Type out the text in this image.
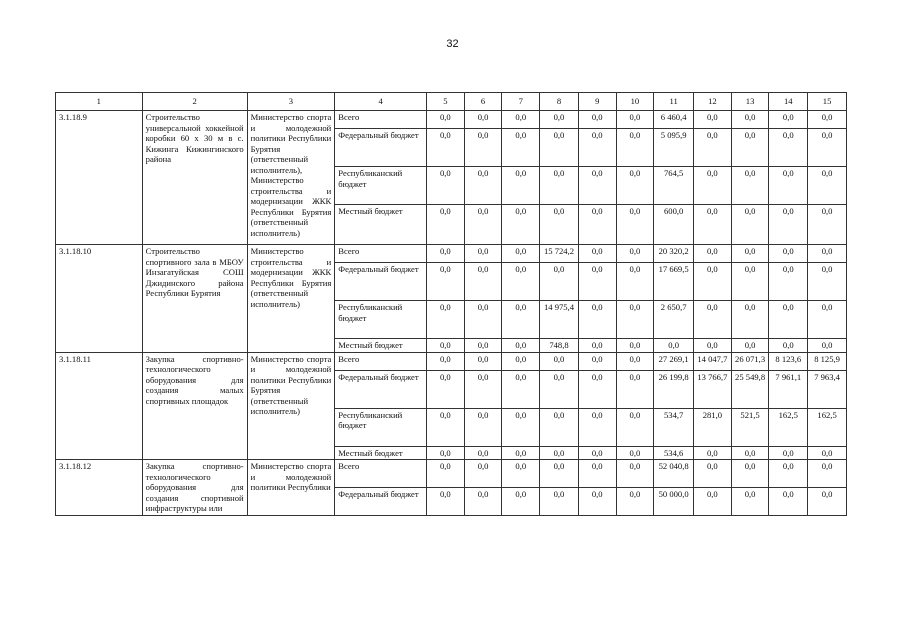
32
1	2	3	4	5	6	7	8	9	10	11	12	13	14	15
3.1.18.9	Строительство универсальной хоккейной коробки 60 х 30 м в с. Кижинга Кижингинского района	Министерство спорта и молодежной политики Республики Бурятия (ответственный исполнитель), Министерство строительства и модернизации ЖКК Республики Бурятия (ответственный исполнитель)	Всего	0,0	0,0	0,0	0,0	0,0	0,0	6 460,4	0,0	0,0	0,0	0,0
			Федеральный бюджет	0,0	0,0	0,0	0,0	0,0	0,0	5 095,9	0,0	0,0	0,0	0,0
			Республиканский бюджет	0,0	0,0	0,0	0,0	0,0	0,0	764,5	0,0	0,0	0,0	0,0
			Местный бюджет	0,0	0,0	0,0	0,0	0,0	0,0	600,0	0,0	0,0	0,0	0,0
3.1.18.10	Строительство спортивного зала в МБОУ Инзагатуйская СОШ Джидинского района Республики Бурятия	Министерство строительства и модернизации ЖКК Республики Бурятия (ответственный исполнитель)	Всего	0,0	0,0	0,0	15 724,2	0,0	0,0	20 320,2	0,0	0,0	0,0	0,0
			Федеральный бюджет	0,0	0,0	0,0	0,0	0,0	0,0	17 669,5	0,0	0,0	0,0	0,0
			Республиканский бюджет	0,0	0,0	0,0	14 975,4	0,0	0,0	2 650,7	0,0	0,0	0,0	0,0
			Местный бюджет	0,0	0,0	0,0	748,8	0,0	0,0	0,0	0,0	0,0	0,0	0,0
3.1.18.11	Закупка спортивно-технологического оборудования для создания малых спортивных площадок	Министерство спорта и молодежной политики Республики Бурятия (ответственный исполнитель)	Всего	0,0	0,0	0,0	0,0	0,0	0,0	27 269,1	14 047,7	26 071,3	8 123,6	8 125,9
			Федеральный бюджет	0,0	0,0	0,0	0,0	0,0	0,0	26 199,8	13 766,7	25 549,8	7 961,1	7 963,4
			Республиканский бюджет	0,0	0,0	0,0	0,0	0,0	0,0	534,7	281,0	521,5	162,5	162,5
			Местный бюджет	0,0	0,0	0,0	0,0	0,0	0,0	534,6	0,0	0,0	0,0	0,0
3.1.18.12	Закупка спортивно-технологического оборудования для создания спортивной инфраструктуры или	Министерство спорта и молодежной политики Республики	Всего	0,0	0,0	0,0	0,0	0,0	0,0	52 040,8	0,0	0,0	0,0	0,0
			Федеральный бюджет	0,0	0,0	0,0	0,0	0,0	0,0	50 000,0	0,0	0,0	0,0	0,0
